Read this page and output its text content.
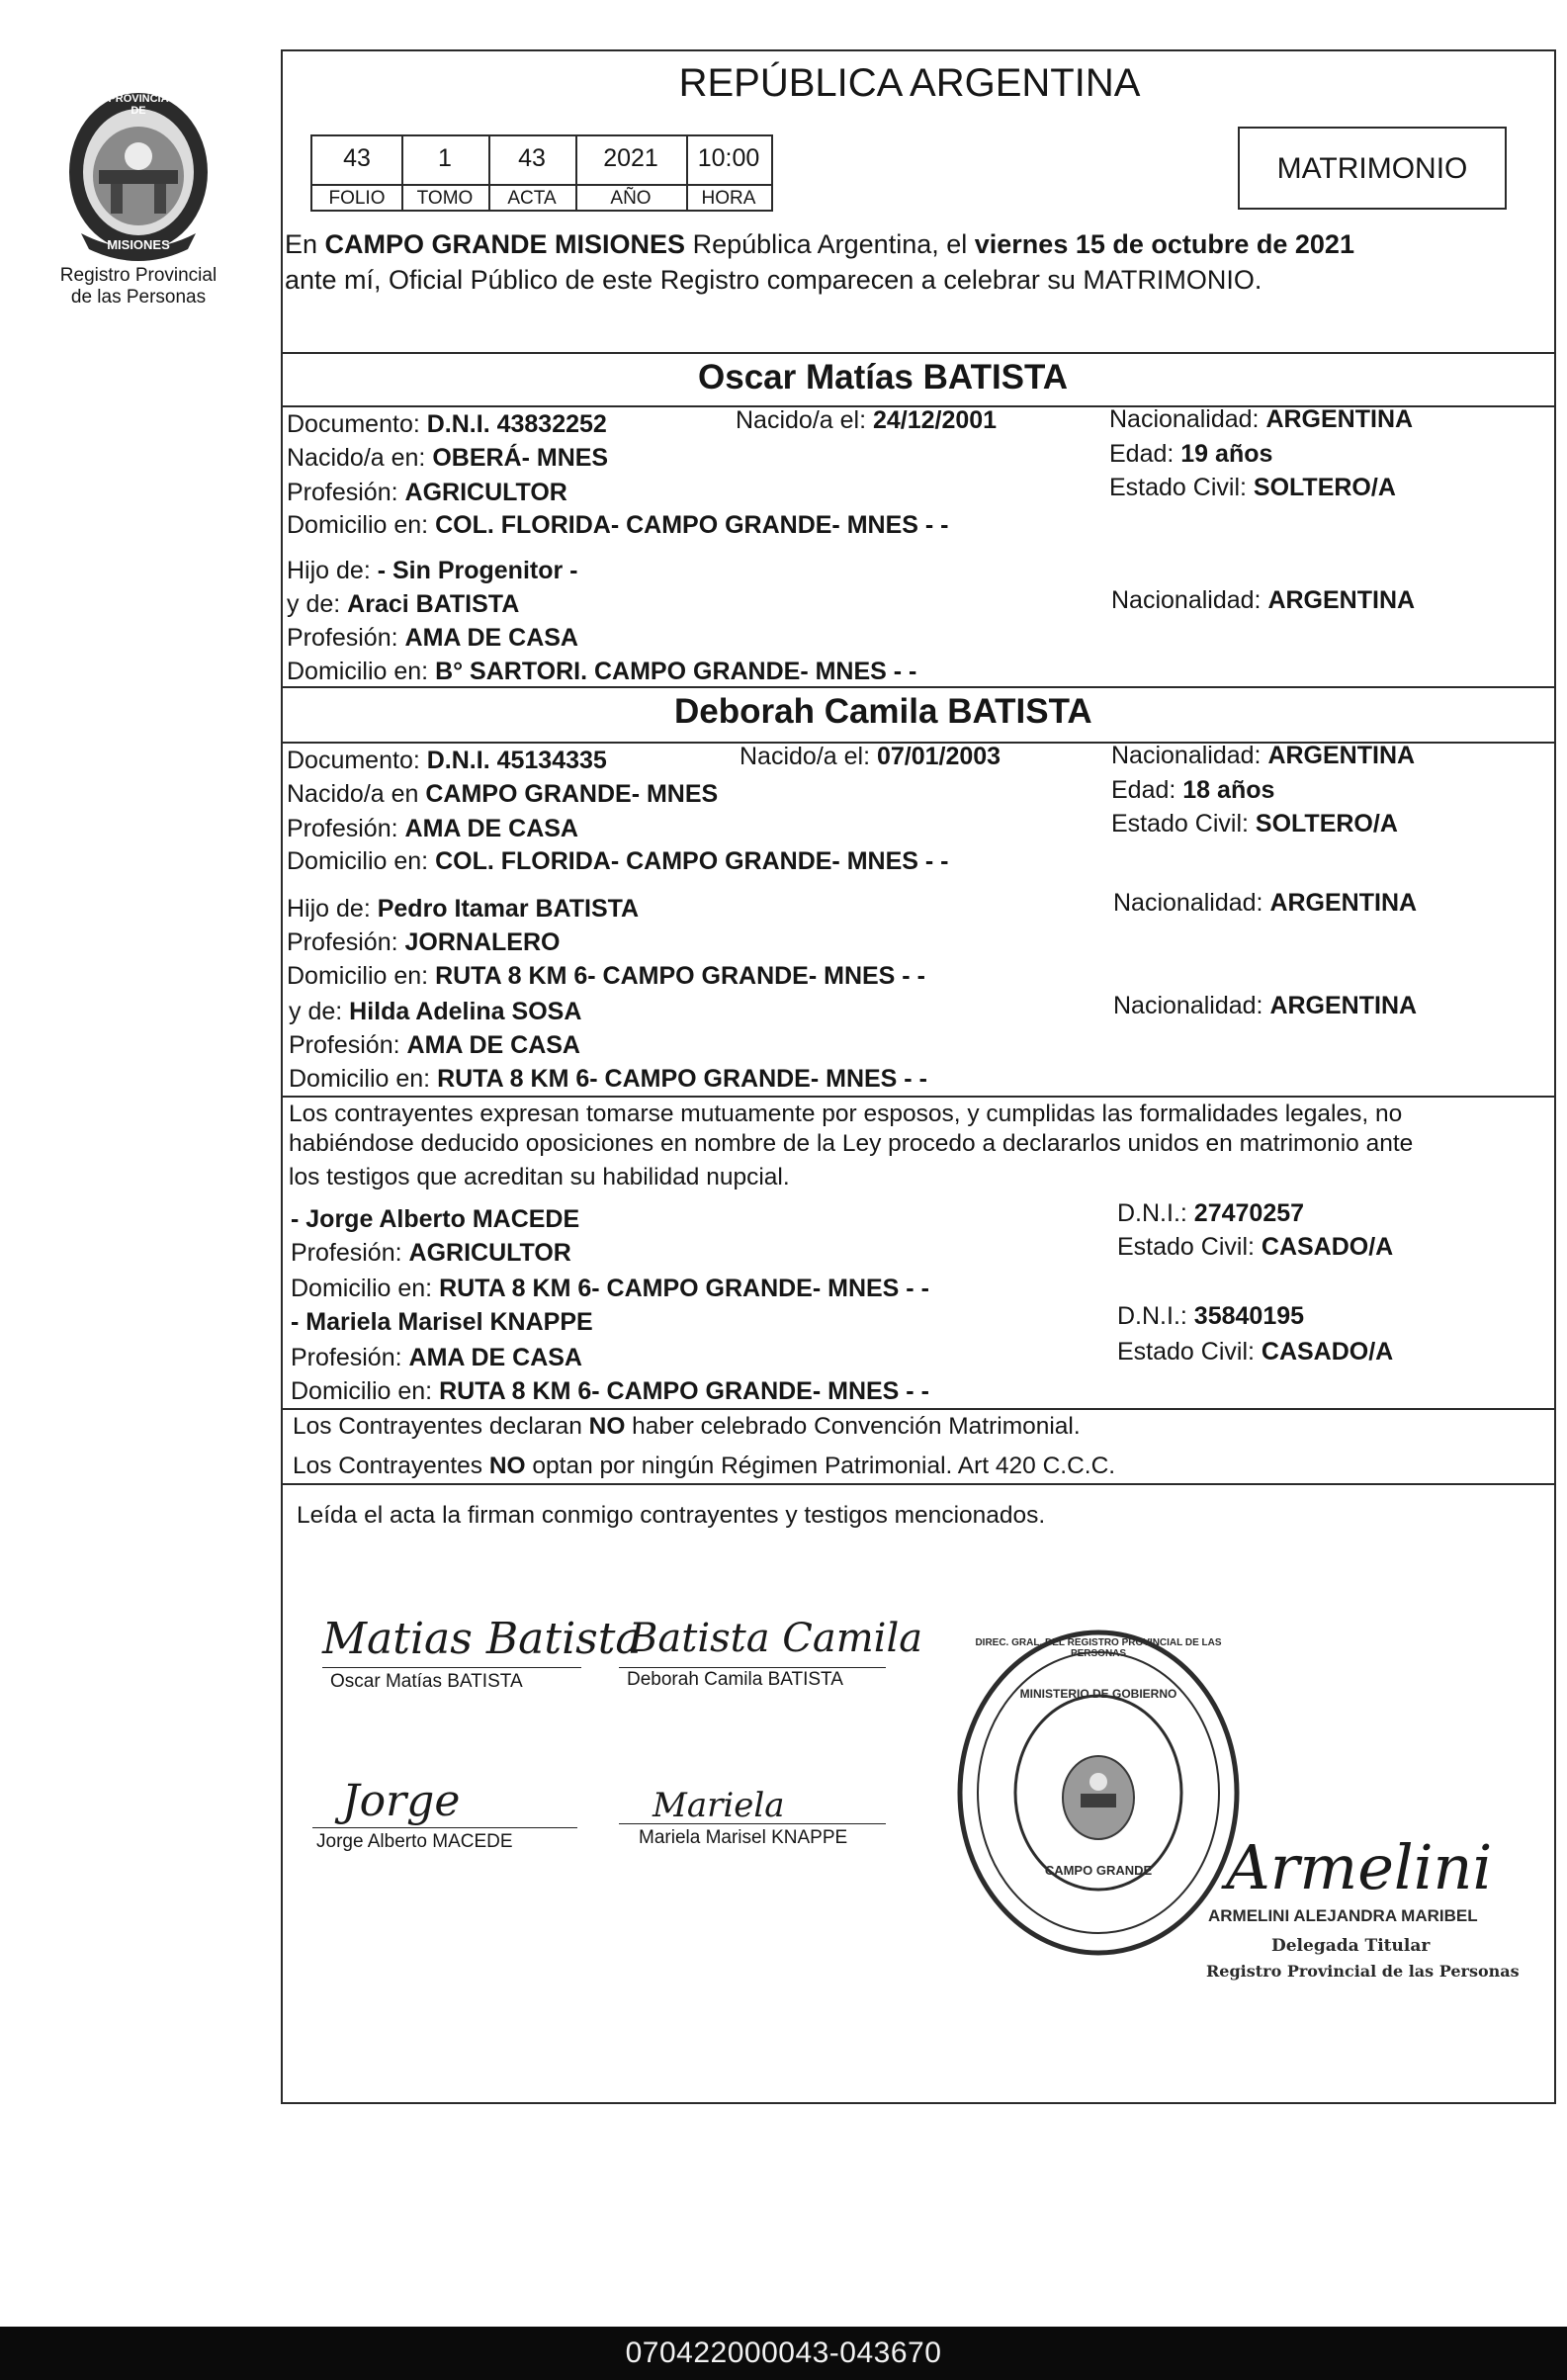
PROVINCIA DE
MISIONES
Registro Provincial
de las Personas
REPÚBLICA ARGENTINA
43	1	43	2021	10:00
FOLIO	TOMO	ACTA	AÑO	HORA
MATRIMONIO
En CAMPO GRANDE MISIONES República Argentina, el viernes 15 de octubre de 2021
ante mí, Oficial Público de este Registro comparecen a celebrar su MATRIMONIO.
Oscar Matías BATISTA
Documento: D.N.I. 43832252	Nacido/a el: 24/12/2001	Nacionalidad: ARGENTINA
Nacido/a en: OBERÁ- MNES	Edad: 19 años
Profesión: AGRICULTOR	Estado Civil: SOLTERO/A
Domicilio en: COL. FLORIDA- CAMPO GRANDE- MNES - -
Hijo de: - Sin Progenitor -
y de: Araci BATISTA	Nacionalidad: ARGENTINA
Profesión: AMA DE CASA
Domicilio en: B° SARTORI. CAMPO GRANDE- MNES - -
Deborah Camila BATISTA
Documento: D.N.I. 45134335	Nacido/a el: 07/01/2003	Nacionalidad: ARGENTINA
Nacido/a en CAMPO GRANDE- MNES	Edad: 18 años
Profesión: AMA DE CASA	Estado Civil: SOLTERO/A
Domicilio en: COL. FLORIDA- CAMPO GRANDE- MNES - -
Hijo de: Pedro Itamar BATISTA	Nacionalidad: ARGENTINA
Profesión: JORNALERO
Domicilio en: RUTA 8 KM 6- CAMPO GRANDE- MNES - -
y de: Hilda Adelina SOSA	Nacionalidad: ARGENTINA
Profesión: AMA DE CASA
Domicilio en: RUTA 8 KM 6- CAMPO GRANDE- MNES - -
Los contrayentes expresan tomarse mutuamente por esposos, y cumplidas las formalidades legales, no
habiéndose deducido oposiciones en nombre de la Ley procedo a declararlos unidos en matrimonio ante
los testigos que acreditan su habilidad nupcial.
- Jorge Alberto MACEDE	D.N.I.: 27470257
Profesión: AGRICULTOR	Estado Civil: CASADO/A
Domicilio en: RUTA 8 KM 6- CAMPO GRANDE- MNES - -
- Mariela Marisel KNAPPE	D.N.I.: 35840195
Profesión: AMA DE CASA	Estado Civil: CASADO/A
Domicilio en: RUTA 8 KM 6- CAMPO GRANDE- MNES - -
Los Contrayentes declaran NO haber celebrado Convención Matrimonial.
Los Contrayentes NO optan por ningún Régimen Patrimonial. Art 420 C.C.C.
Leída el acta la firman conmigo contrayentes y testigos mencionados.
Matias Batista
Oscar Matías BATISTA
Batista Camila
Deborah Camila BATISTA
Jorge
Jorge Alberto MACEDE
Mariela
Mariela Marisel KNAPPE
DIREC. GRAL. DEL REGISTRO PROVINCIAL DE LAS PERSONAS
MINISTERIO DE GOBIERNO
CAMPO GRANDE	Armelini
ARMELINI ALEJANDRA MARIBEL
Delegada Titular
Registro Provincial de las Personas
070422000043-043670
